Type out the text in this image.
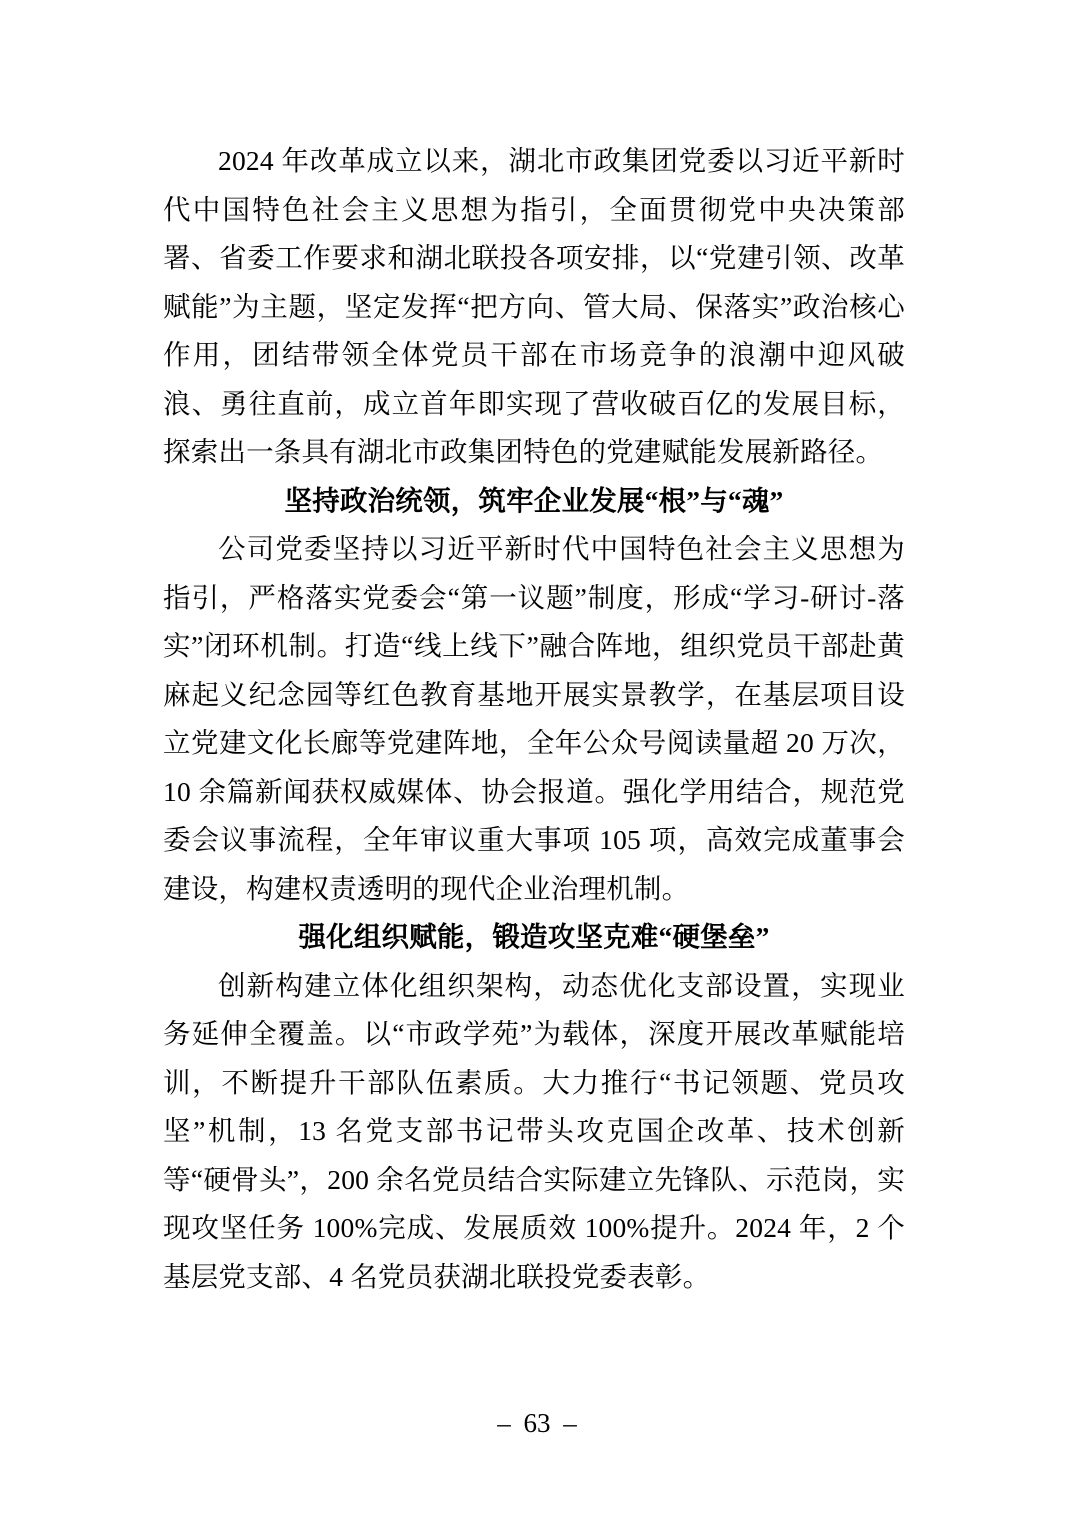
2024 年改革成立以来，湖北市政集团党委以习近平新时代中国特色社会主义思想为指引，全面贯彻党中央决策部署、省委工作要求和湖北联投各项安排，以“党建引领、改革赋能”为主题，坚定发挥“把方向、管大局、保落实”政治核心作用，团结带领全体党员干部在市场竞争的浪潮中迎风破浪、勇往直前，成立首年即实现了营收破百亿的发展目标，探索出一条具有湖北市政集团特色的党建赋能发展新路径。

坚持政治统领，筑牢企业发展“根”与“魂”

公司党委坚持以习近平新时代中国特色社会主义思想为指引，严格落实党委会“第一议题”制度，形成“学习-研讨-落实”闭环机制。打造“线上线下”融合阵地，组织党员干部赴黄麻起义纪念园等红色教育基地开展实景教学，在基层项目设立党建文化长廊等党建阵地，全年公众号阅读量超 20 万次，10 余篇新闻获权威媒体、协会报道。强化学用结合，规范党委会议事流程，全年审议重大事项 105 项，高效完成董事会建设，构建权责透明的现代企业治理机制。

强化组织赋能，锻造攻坚克难“硬堡垒”

创新构建立体化组织架构，动态优化支部设置，实现业务延伸全覆盖。以“市政学苑”为载体，深度开展改革赋能培训，不断提升干部队伍素质。大力推行“书记领题、党员攻坚”机制，13 名党支部书记带头攻克国企改革、技术创新等“硬骨头”，200 余名党员结合实际建立先锋队、示范岗，实现攻坚任务 100%完成、发展质效 100%提升。2024 年，2 个基层党支部、4 名党员获湖北联投党委表彰。

– 63 –
